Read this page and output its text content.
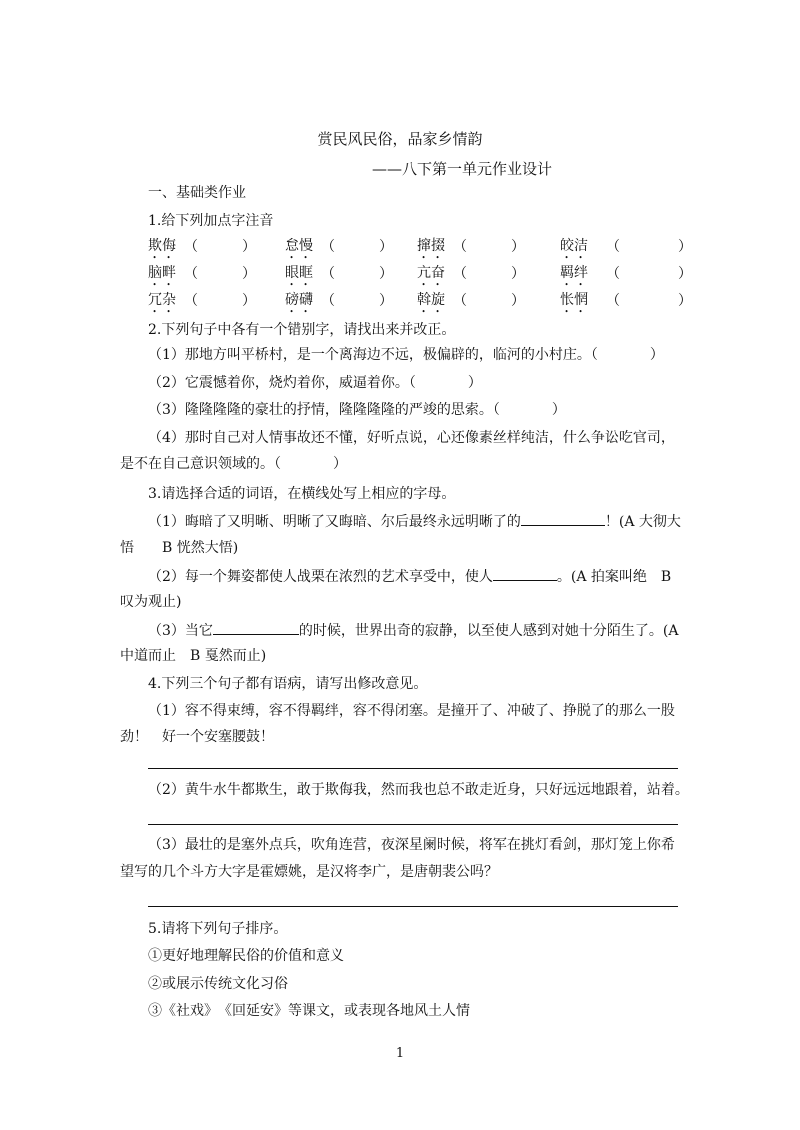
赏民风民俗，品家乡情韵
——八下第一单元作业设计
一、基础类作业
1.给下列加点字注音
欺侮 （	） 怠慢 （	） 撺掇 （	）	皎洁 （	）
脑畔 （	） 眼眶 （	） 亢奋 （	）	羁绊 （	）
冗杂 （	） 磅礴 （	） 斡旋 （	）	怅惘 （	）
2.下列句子中各有一个错别字，请找出来并改正。
（1）那地方叫平桥村，是一个离海边不远，极偏辟的，临河的小村庄。（	）
（2）它震憾着你，烧灼着你，威逼着你。（	）
（3）隆隆隆隆的豪壮的抒情，隆隆隆隆的严竣的思索。（	）
（4）那时自己对人情事故还不懂，好听点说，心还像素丝样纯洁，什么争讼吃官司，
是不在自己意识领域的。（	）
3.请选择合适的词语，在横线处写上相应的字母。
（1）晦暗了又明晰、明晰了又晦暗、尔后最终永远明晰了的	！(A 大彻大
悟　　B 恍然大悟)
（2）每一个舞姿都使人战栗在浓烈的艺术享受中，使人	。(A 拍案叫绝　B
叹为观止)
（3）当它	的时候，世界出奇的寂静，以至使人感到对她十分陌生了。(A
中道而止　B 戛然而止)
4.下列三个句子都有语病，请写出修改意见。
（1）容不得束缚，容不得羁绊，容不得闭塞。是撞开了、冲破了、挣脱了的那么一股
劲！　好一个安塞腰鼓！
（2）黄牛水牛都欺生，敢于欺侮我，然而我也总不敢走近身，只好远远地跟着，站着。
（3）最壮的是塞外点兵，吹角连营，夜深星阑时候，将军在挑灯看剑，那灯笼上你希
望写的几个斗方大字是霍嫖姚，是汉将李广，是唐朝裴公吗？
5.请将下列句子排序。
①更好地理解民俗的价值和意义
②或展示传统文化习俗
③《社戏》　《回延安》等课文，或表现各地风土人情
1
